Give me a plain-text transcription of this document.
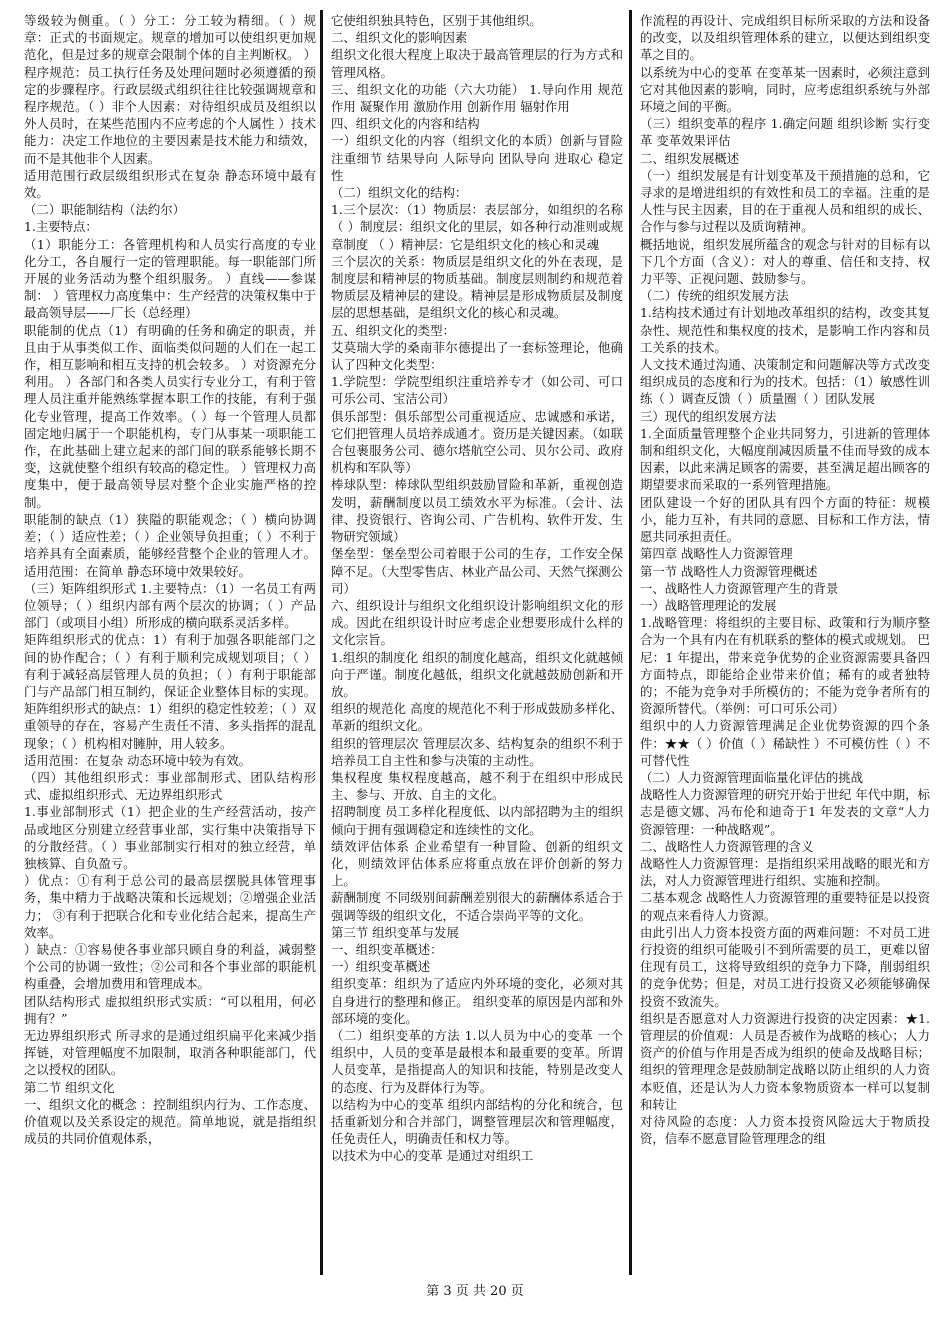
等级较为侧重。（ ）分工：分工较为精细。（ ）规章：正式的书面规定。规章的增加可以使组织更加规范化，但是过多的规章会限制个体的自主判断权。 ）程序规范：员工执行任务及处理问题时必须遵循的预定的步骤程序。行政层级式组织往往比较强调规章和程序规范。（ ）非个人因素：对待组织成员及组织以外人员时，在某些范围内不应考虑的个人属性 ）技术能力：决定工作地位的主要因素是技术能力和绩效，而不是其他非个人因素。

适用范围行政层级组织形式在复杂 静态环境中最有效。

（二）职能制结构（法约尔）

1.主要特点：

（1）职能分工：各管理机构和人员实行高度的专业化分工，各自履行一定的管理职能。每一职能部门所开展的业务活动为整个组织服务。 ）直线——参谋制： ）管理权力高度集中：生产经营的决策权集中于最高领导层——厂长（总经理）

职能制的优点（1）有明确的任务和确定的职责，并且由于从事类似工作、面临类似问题的人们在一起工作，相互影响和相互支持的机会较多。 ）对资源充分利用。 ）各部门和各类人员实行专业分工，有利于管理人员注重并能熟练掌握本职工作的技能，有利于强化专业管理，提高工作效率。（ ）每一个管理人员都固定地归属于一个职能机构，专门从事某一项职能工作，在此基础上建立起来的部门间的联系能够长期不变，这就使整个组织有较高的稳定性。 ）管理权力高度集中，便于最高领导层对整个企业实施严格的控制。

职能制的缺点（1）狭隘的职能观念；（ ）横向协调差；（ ）适应性差；（ ）企业领导负担重；（ ）不利于培养具有全面素质，能够经营整个企业的管理人才。 适用范围：在简单 静态环境中效果较好。

（三）矩阵组织形式 1.主要特点：（1）一名员工有两位领导；（ ）组织内部有两个层次的协调；（ ）产品部门（或项目小组）所形成的横向联系灵活多样。

矩阵组织形式的优点：1）有利于加强各职能部门之间的协作配合；（ ）有利于顺利完成规划项目；（ ）有利于减轻高层管理人员的负担；（ ）有利于职能部门与产品部门相互制约，保证企业整体目标的实现。 矩阵组织形式的缺点：1）组织的稳定性较差；（ ）双重领导的存在，容易产生责任不清、多头指挥的混乱现象；（ ）机构相对臃肿，用人较多。

适用范围：在复杂 动态环境中较为有效。

（四）其他组织形式：事业部制形式、团队结构形式、虚拟组织形式、无边界组织形式

1.事业部制形式（1）把企业的生产经营活动，按产品或地区分别建立经营事业部，实行集中决策指导下的分散经营。（ ）事业部制实行相对的独立经营，单独核算、自负盈亏。

）优点：①有利于总公司的最高层摆脱具体管理事务，集中精力于战略决策和长远规划；②增强企业活力； ③有利于把联合化和专业化结合起来，提高生产效率。

）缺点：①容易使各事业部只顾自身的利益，减弱整个公司的协调一致性；②公司和各个事业部的职能机构重叠，会增加费用和管理成本。

团队结构形式 虚拟组织形式实质：“可以租用，何必拥有？”

无边界组织形式 所寻求的是通过组织扁平化来减少指挥链，对管理幅度不加限制，取消各种职能部门，代之以授权的团队。

第二节 组织文化

一、组织文化的概念 ：控制组织内行为、工作态度、价值观以及关系设定的规范。简单地说，就是指组织成员的共同价值观体系，

它使组织独具特色，区别于其他组织。

二、组织文化的影响因素

组织文化很大程度上取决于最高管理层的行为方式和管理风格。

三、组织文化的功能（六大功能） 1.导向作用 规范作用 凝聚作用 激励作用 创新作用 辐射作用

四、组织文化的内容和结构

一）组织文化的内容（组织文化的本质）创新与冒险 注重细节 结果导向 人际导向 团队导向 进取心 稳定性

（二）组织文化的结构：

1.三个层次：（1）物质层：表层部分，如组织的名称 （ ）制度层：组织文化的里层，如各种行动准则或规章制度 （ ）精神层：它是组织文化的核心和灵魂

三个层次的关系：物质层是组织文化的外在表现，是制度层和精神层的物质基础。制度层则制约和规范着物质层及精神层的建设。精神层是形成物质层及制度层的思想基础，是组织文化的核心和灵魂。

五、组织文化的类型：

艾莫瑞大学的桑南菲尔德提出了一套标签理论，他确认了四种文化类型：

1.学院型：学院型组织注重培养专才（如公司、可口可乐公司、宝洁公司）

俱乐部型：俱乐部型公司重视适应、忠诚感和承诺，它们把管理人员培养成通才。资历是关键因素。（如联合包裹服务公司、德尔塔航空公司、贝尔公司、政府机构和军队等）

棒球队型：棒球队型组织鼓励冒险和革新，重视创造发明，薪酬制度以员工绩效水平为标准。（会计、法律、投资银行、咨询公司、广告机构、软件开发、生物研究领域）

堡垒型：堡垒型公司着眼于公司的生存，工作安全保障不足。（大型零售店、林业产品公司、天然气探测公司）

六、组织设计与组织文化组织设计影响组织文化的形成。因此在组织设计时应考虑企业想要形成什么样的文化宗旨。

1.组织的制度化 组织的制度化越高，组织文化就越倾向于严谨。制度化越低，组织文化就越鼓励创新和开放。

组织的规范化 高度的规范化不利于形成鼓励多样化、革新的组织文化。

组织的管理层次 管理层次多、结构复杂的组织不利于培养员工自主性和参与决策的主动性。

集权程度 集权程度越高，越不利于在组织中形成民主、参与、开放、自主的文化。

招聘制度 员工多样化程度低、以内部招聘为主的组织倾向于拥有强调稳定和连续性的文化。

绩效评估体系 企业希望有一种冒险、创新的组织文化，则绩效评估体系应将重点放在评价创新的努力上。

薪酬制度 不同级别间薪酬差别很大的薪酬体系适合于强调等级的组织文化，不适合崇尚平等的文化。

第三节 组织变革与发展

一、组织变革概述：

一）组织变革概述

组织变革：组织为了适应内外环境的变化，必须对其自身进行的整理和修正。 组织变革的原因是内部和外部环境的变化。

（二）组织变革的方法 1.以人员为中心的变革 一个组织中，人员的变革是最根本和最重要的变革。所谓人员变革，是指提高人的知识和技能，特别是改变人的态度、行为及群体行为等。

以结构为中心的变革 组织内部结构的分化和统合，包括重新划分和合并部门，调整管理层次和管理幅度，任免责任人，明确责任和权力等。

以技术为中心的变革 是通过对组织工

作流程的再设计、完成组织目标所采取的方法和设备的改变，以及组织管理体系的建立，以便达到组织变革之目的。

以系统为中心的变革 在变革某一因素时，必须注意到它对其他因素的影响，同时，应考虑组织系统与外部环境之间的平衡。

（三）组织变革的程序 1.确定问题 组织诊断 实行变革 变革效果评估

二、组织发展概述

（一）组织发展是有计划变革及干预措施的总和，它寻求的是增进组织的有效性和员工的幸福。注重的是人性与民主因素，目的在于重视人员和组织的成长、合作与参与过程以及质询精神。

概括地说，组织发展所蕴含的观念与针对的目标有以下几个方面（含义）：对人的尊重、信任和支持、权力平等、正视问题、鼓励参与。

（二）传统的组织发展方法

1.结构技术通过有计划地改革组织的结构，改变其复杂性、规范性和集权度的技术，是影响工作内容和员工关系的技术。

人文技术通过沟通、决策制定和问题解决等方式改变组织成员的态度和行为的技术。包括：（1）敏感性训练（ ）调查反馈（ ）质量圈（ ）团队发展

三）现代的组织发展方法

1.全面质量管理整个企业共同努力，引进新的管理体制和组织文化，大幅度削减因质量不佳而导致的成本因素，以此来满足顾客的需要，甚至满足超出顾客的期望要求而采取的一系列管理措施。

团队建设一个好的团队具有四个方面的特征：规模小，能力互补，有共同的意愿、目标和工作方法，情愿共同承担责任。

第四章 战略性人力资源管理

第一节 战略性人力资源管理概述

一、战略性人力资源管理产生的背景

一）战略管理理论的发展

1.战略管理：将组织的主要目标、政策和行为顺序整合为一个具有内在有机联系的整体的模式或规划。 巴尼：1 年提出，带来竞争优势的企业资源需要具备四方面特点，即能给企业带来价值；稀有的或者独特的；不能为竞争对手所模仿的；不能为竞争者所有的资源所替代。（举例：可口可乐公司）

组织中的人力资源管理满足企业优势资源的四个条件：★★（ ）价值（ ）稀缺性 ）不可模仿性（ ）不可替代性

（二）人力资源管理面临量化评估的挑战

战略性人力资源管理的研究开始于世纪 年代中期，标志是德文娜、冯布伦和迪奇于1 年发表的文章“人力资源管理：一种战略观”。

二、战略性人力资源管理的含义

战略性人力资源管理：是指组织采用战略的眼光和方法，对人力资源管理进行组织、实施和控制。

二基本观念 战略性人力资源管理的重要特征是以投资的观点来看待人力资源。

由此引出人力资本投资方面的两难问题：不对员工进行投资的组织可能吸引不到所需要的员工，更难以留住现有员工，这将导致组织的竞争力下降，削弱组织的竞争优势；但是，对员工进行投资又必须能够确保投资不致流失。

组织是否愿意对人力资源进行投资的决定因素：★1.管理层的价值观：人员是否被作为战略的核心；人力资产的价值与作用是否成为组织的使命及战略目标；组织的管理理念是鼓励制定战略以防止组织的人力资本贬值，还是认为人力资本象物质资本一样可以复制和转让

对待风险的态度：人力资本投资风险远大于物质投资，信奉不愿意冒险管理理念的组

第 3 页 共 20 页
